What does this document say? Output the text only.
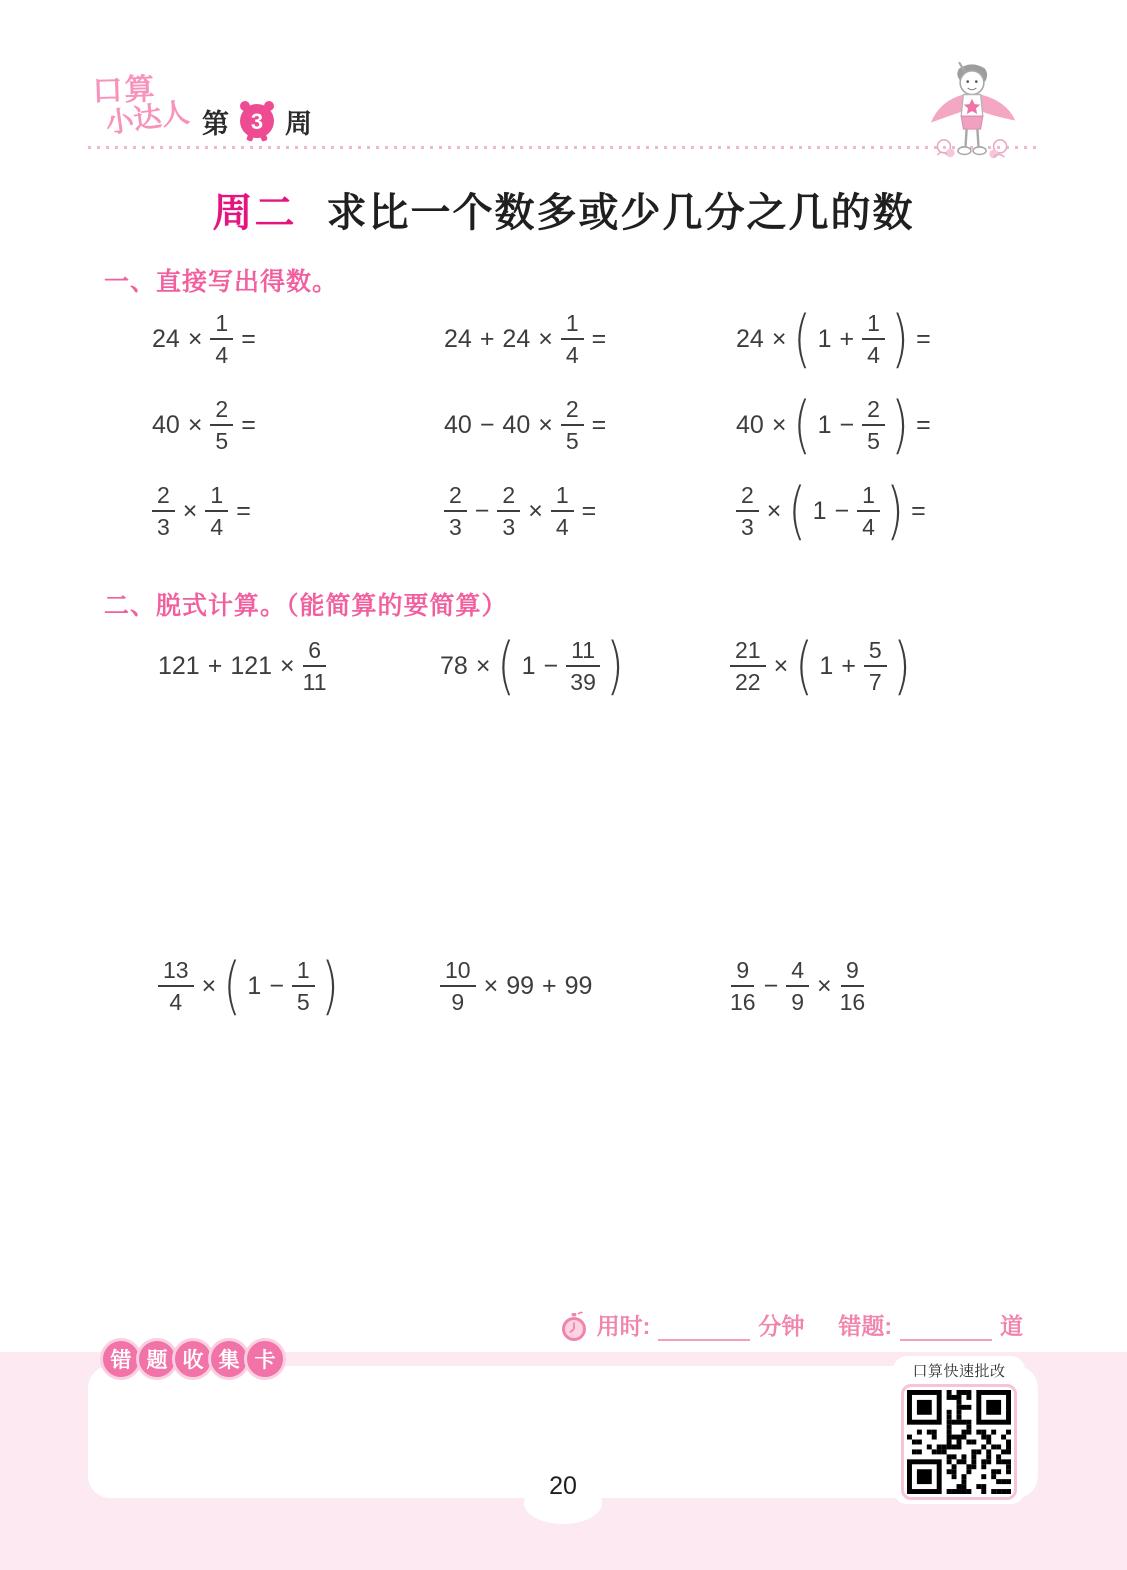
口算
小达人 第 3 周
周二 求比一个数多或少几分之几的数
一、直接写出得数。
$24 \times \frac{1}{4}$ =	$24 + 24 \times \frac{1}{4}$ =	24 × ( $1 + \frac{1}{4}$ ) =
$40 \times \frac{2}{5}$ =	$40 - 40 \times \frac{2}{5}$ =	40 × ( $1 - \frac{2}{5}$ ) =
$\frac{2}{3} \times \frac{1}{4}$ =	$\frac{2}{3} - \frac{2}{3} \times \frac{1}{4}$ =	$\frac{2}{3}$ × ( $1 - \frac{1}{4}$ ) =
二、脱式计算。（能简算的要简算）
$121 + 121 \times \frac{6}{11}$	78 × ( $1 - \frac{11}{39}$ )	$\frac{21}{22}$ × ( $1 + \frac{5}{7}$ )
$\frac{13}{4}$ × ( $1 - \frac{1}{5}$ )	$\frac{10}{9} \times 99 + 99$	$\frac{9}{16} - \frac{4}{9} \times \frac{9}{16}$
用时:	分钟 错题:	道
错 题 收 集 卡	口算快速批改
20
